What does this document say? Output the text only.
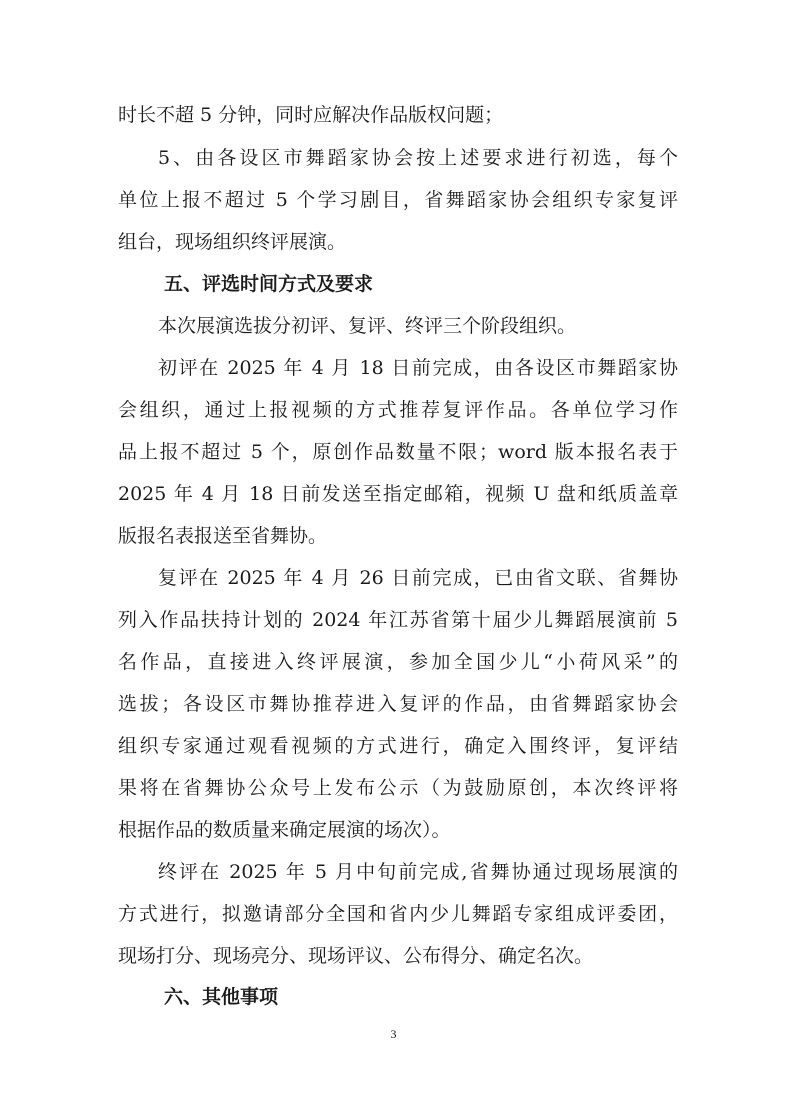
时长不超 5 分钟，同时应解决作品版权问题；
5、由各设区市舞蹈家协会按上述要求进行初选，每个
单位上报不超过 5 个学习剧目，省舞蹈家协会组织专家复评
组台，现场组织终评展演。
五、评选时间方式及要求
本次展演选拔分初评、复评、终评三个阶段组织。
初评在 2025 年 4 月 18 日前完成，由各设区市舞蹈家协
会组织，通过上报视频的方式推荐复评作品。各单位学习作
品上报不超过 5 个，原创作品数量不限；word 版本报名表于
2025 年 4 月 18 日前发送至指定邮箱，视频 U 盘和纸质盖章
版报名表报送至省舞协。
复评在 2025 年 4 月 26 日前完成，已由省文联、省舞协
列入作品扶持计划的 2024 年江苏省第十届少儿舞蹈展演前 5
名作品，直接进入终评展演，参加全国少儿“小荷风采”的
选拔；各设区市舞协推荐进入复评的作品，由省舞蹈家协会
组织专家通过观看视频的方式进行，确定入围终评，复评结
果将在省舞协公众号上发布公示（为鼓励原创，本次终评将
根据作品的数质量来确定展演的场次）。
终评在 2025 年 5 月中旬前完成,省舞协通过现场展演的
方式进行，拟邀请部分全国和省内少儿舞蹈专家组成评委团，
现场打分、现场亮分、现场评议、公布得分、确定名次。
六、其他事项
3
